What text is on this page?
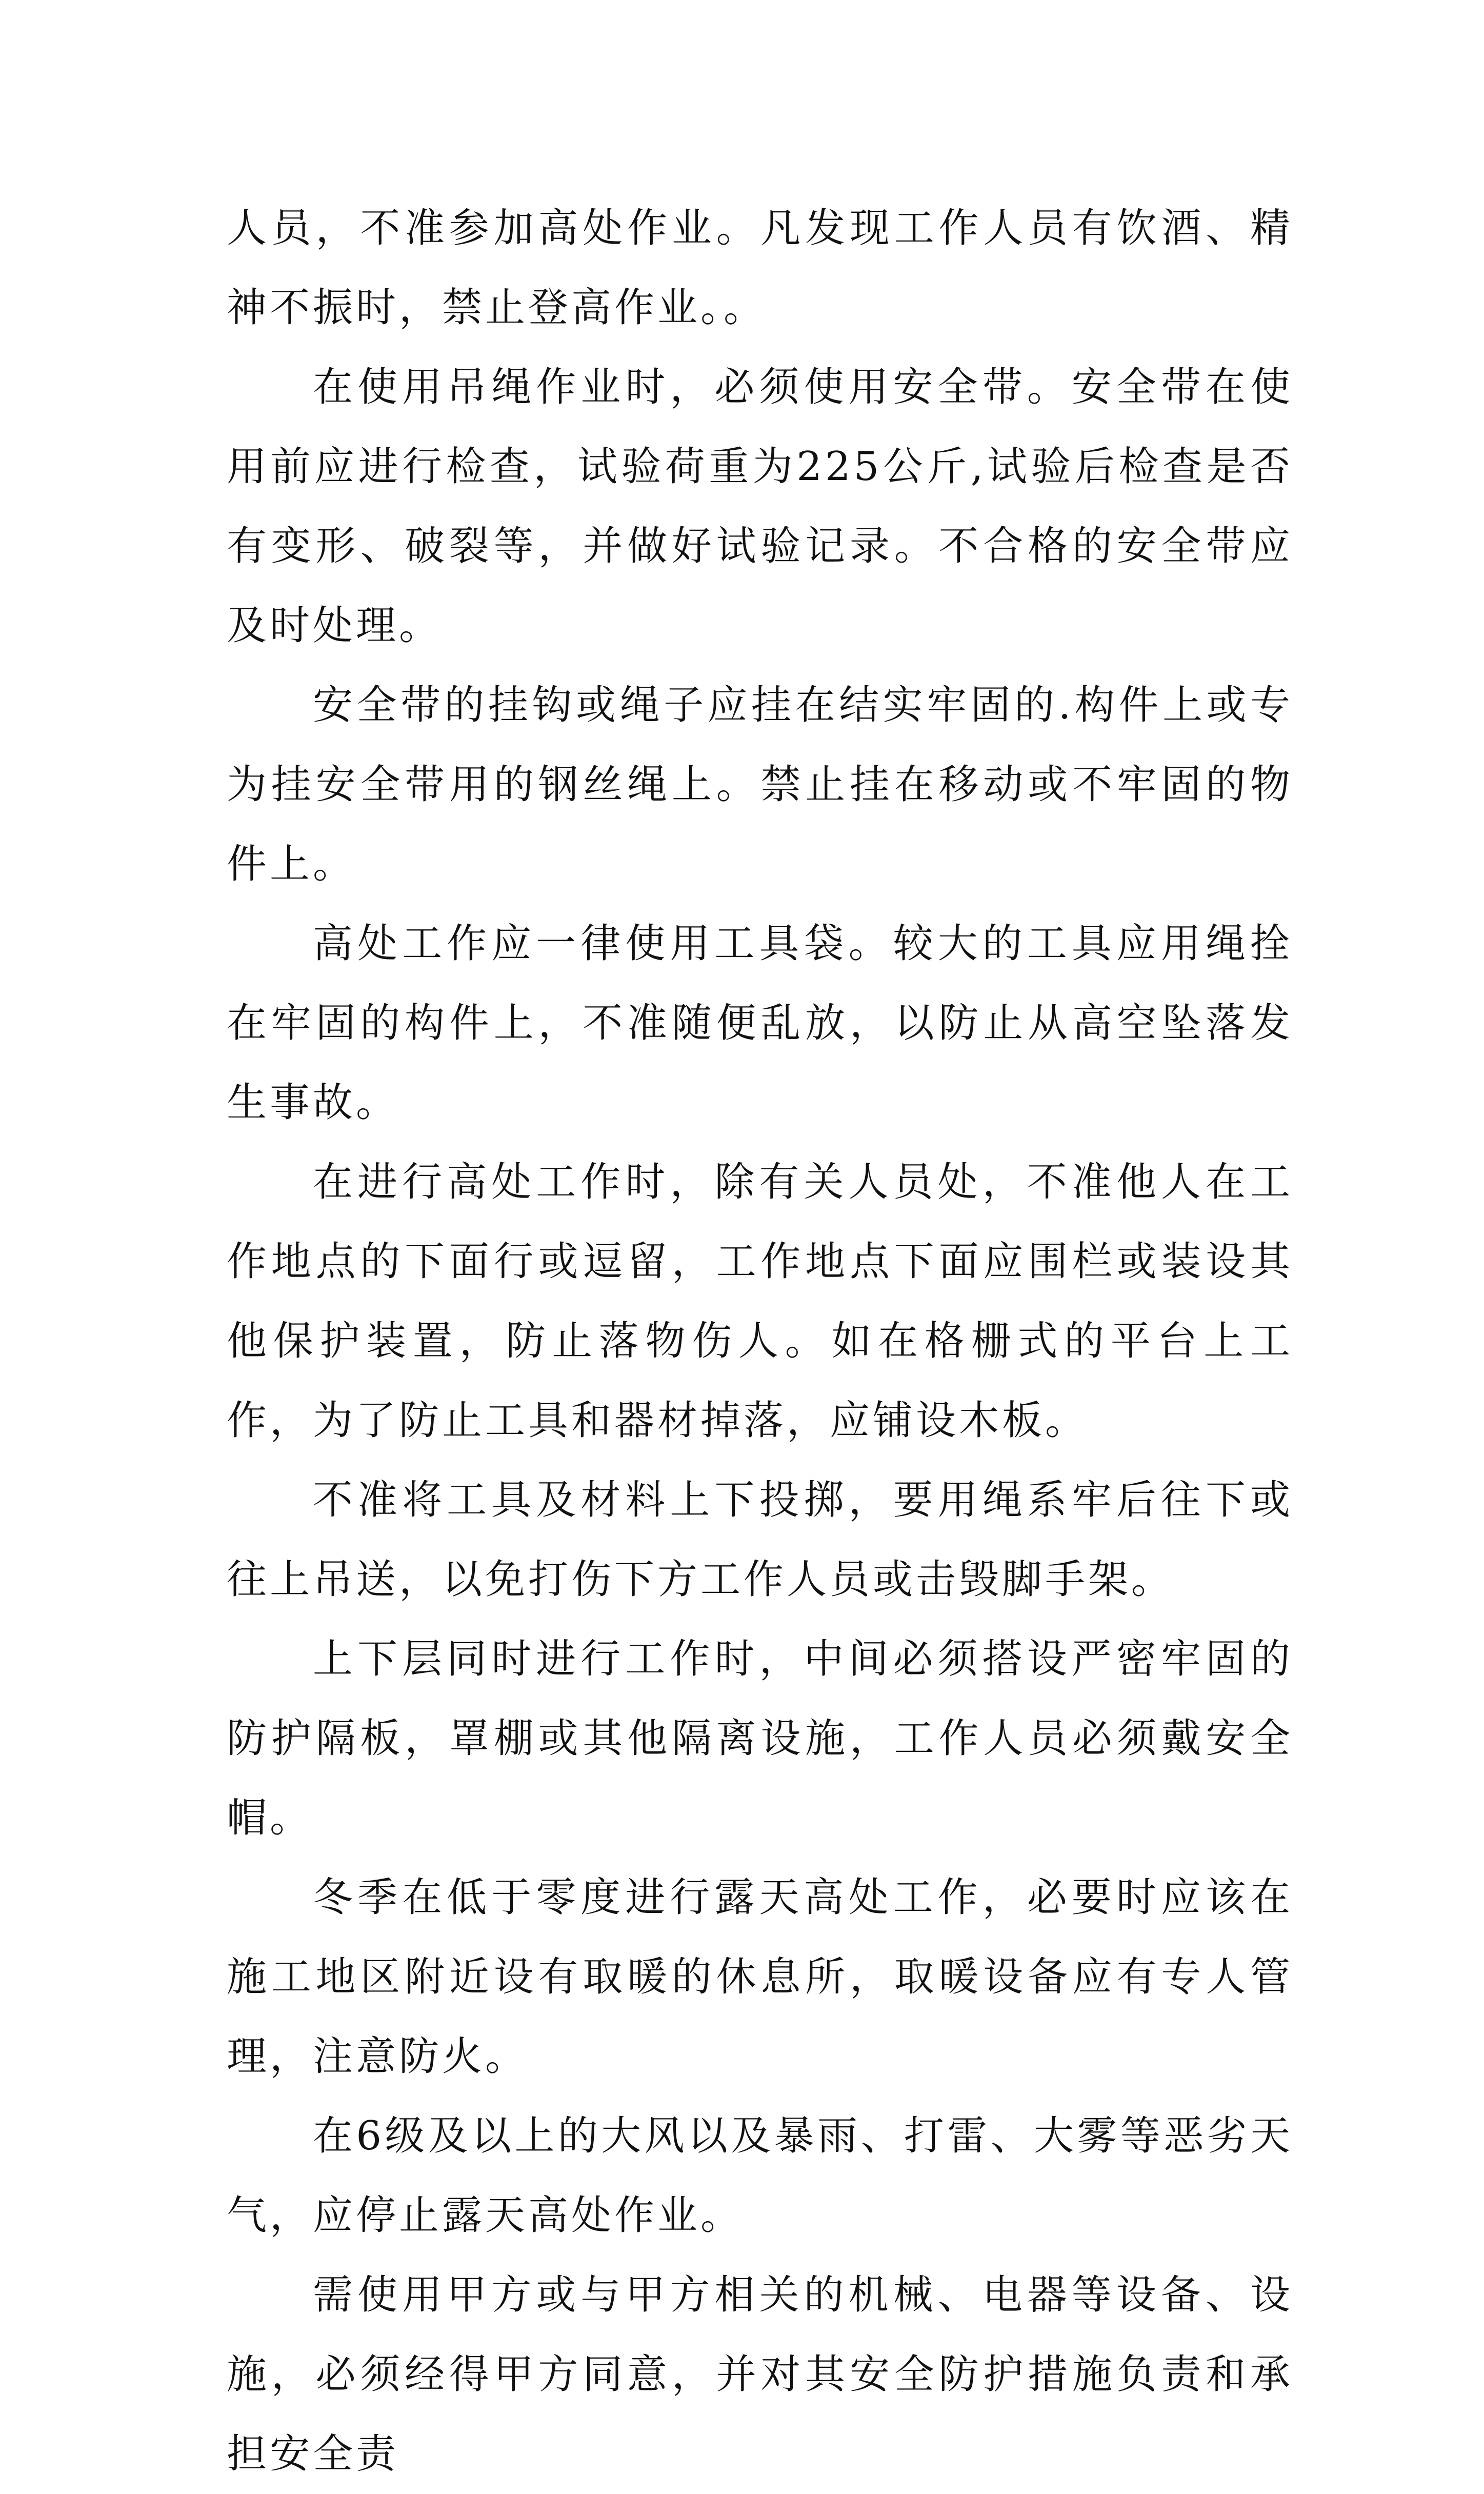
人员，不准参加高处作业。凡发现工作人员有饮酒、精神不振时，禁止登高作业。。

在使用吊绳作业时，必须使用安全带。安全带在使用前应进行检查，试验荷重为225公斤,试验后检查是否有变形、破裂等，并做好试验记录。不合格的安全带应及时处理。

安全带的挂钩或绳子应挂在结实牢固的.构件上或专为挂安全带用的钢丝绳上。禁止挂在移动或不牢固的物件上。

高处工作应一律使用工具袋。较大的工具应用绳拴在牢固的构件上，不准随便乱放，以防止从高空坠落发生事故。

在进行高处工作时，除有关人员处，不准他人在工作地点的下面行或逗留，工作地点下面应围栏或装设其他保护装置，防止落物伤人。如在格栅式的平台上工作，为了防止工具和器材掉落，应铺设木板。

不准将工具及材料上下投掷，要用绳系牢后往下或往上吊送，以免打伤下方工作人员或击毁脚手架。

上下层同时进行工作时，中间必须搭设严密牢固的防护隔板，罩棚或其他隔离设施，工作人员必须戴安全帽。

冬季在低于零度进行露天高处工作，必要时应该在施工地区附近设有取暖的休息所，取暖设备应有专人管理，注意防火。

在6级及以上的大风以及暴雨、打雷、大雾等恶劣天气，应停止露天高处作业。

需使用甲方或与甲方相关的机械、电器等设备、设施，必须经得甲方同意，并对其安全防护措施负责和承担安全责
